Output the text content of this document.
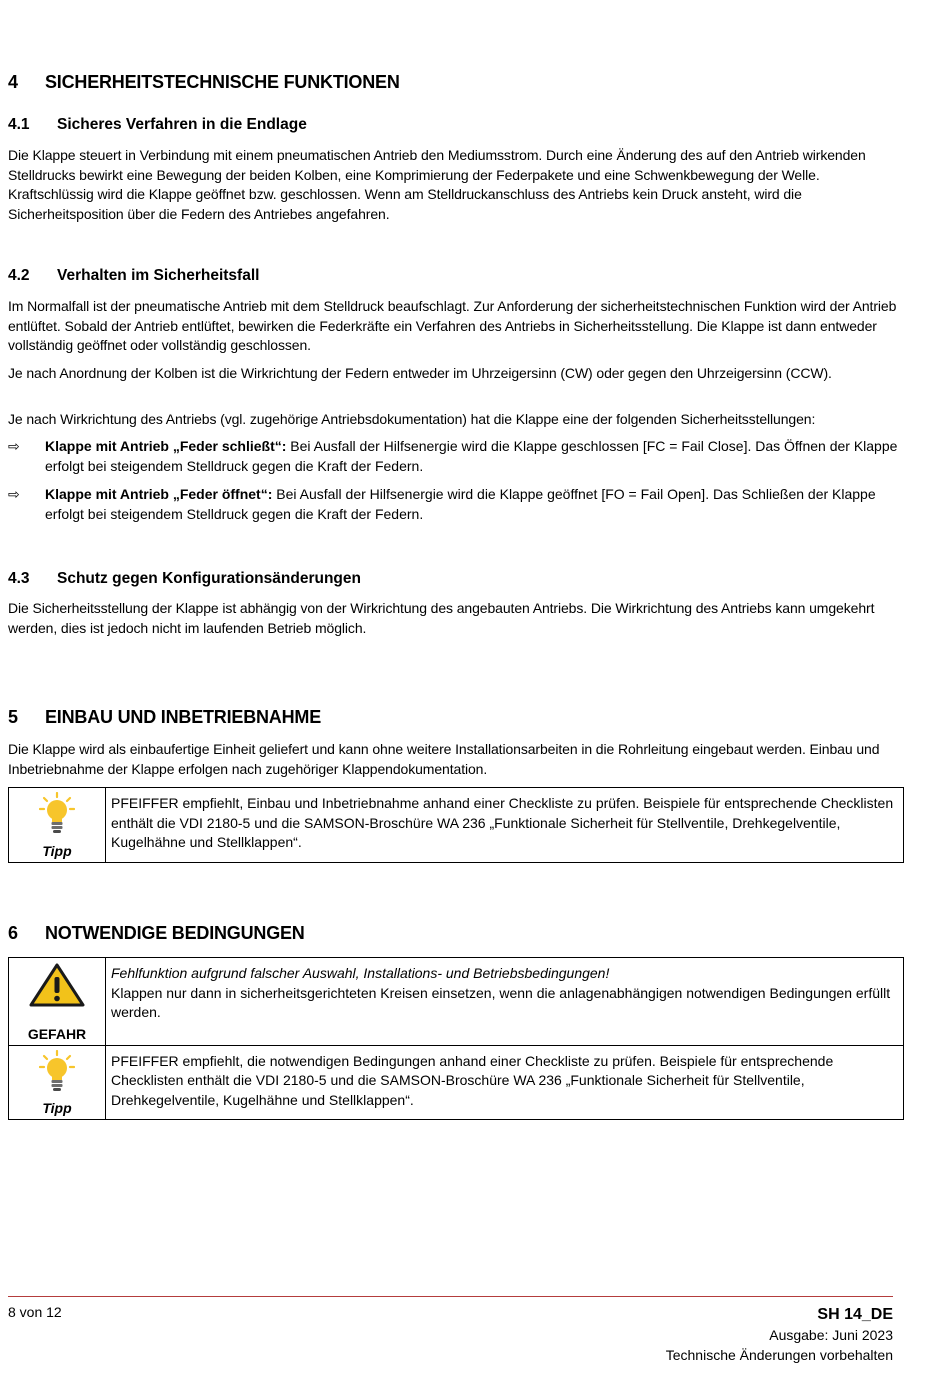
4 SICHERHEITSTECHNISCHE FUNKTIONEN
4.1 Sicheres Verfahren in die Endlage
Die Klappe steuert in Verbindung mit einem pneumatischen Antrieb den Mediumsstrom. Durch eine Änderung des auf den Antrieb wirkenden Stelldrucks bewirkt eine Bewegung der beiden Kolben, eine Komprimierung der Federpakete und eine Schwenkbewegung der Welle. Kraftschlüssig wird die Klappe geöffnet bzw. geschlossen. Wenn am Stelldruckanschluss des Antriebs kein Druck ansteht, wird die Sicherheitsposition über die Federn des Antriebes angefahren.
4.2 Verhalten im Sicherheitsfall
Im Normalfall ist der pneumatische Antrieb mit dem Stelldruck beaufschlagt. Zur Anforderung der sicherheitstechnischen Funktion wird der Antrieb entlüftet. Sobald der Antrieb entlüftet, bewirken die Federkräfte ein Verfahren des Antriebs in Sicherheitsstellung. Die Klappe ist dann entweder vollständig geöffnet oder vollständig geschlossen.
Je nach Anordnung der Kolben ist die Wirkrichtung der Federn entweder im Uhrzeigersinn (CW) oder gegen den Uhrzeigersinn (CCW).
Je nach Wirkrichtung des Antriebs (vgl. zugehörige Antriebsdokumentation) hat die Klappe eine der folgenden Sicherheitsstellungen:
⇨ Klappe mit Antrieb „Feder schließt“: Bei Ausfall der Hilfsenergie wird die Klappe geschlossen [FC = Fail Close]. Das Öffnen der Klappe erfolgt bei steigendem Stelldruck gegen die Kraft der Federn.
⇨ Klappe mit Antrieb „Feder öffnet“: Bei Ausfall der Hilfsenergie wird die Klappe geöffnet [FO = Fail Open]. Das Schließen der Klappe erfolgt bei steigendem Stelldruck gegen die Kraft der Federn.
4.3 Schutz gegen Konfigurationsänderungen
Die Sicherheitsstellung der Klappe ist abhängig von der Wirkrichtung des angebauten Antriebs. Die Wirkrichtung des Antriebs kann umgekehrt werden, dies ist jedoch nicht im laufenden Betrieb möglich.
5 EINBAU UND INBETRIEBNAHME
Die Klappe wird als einbaufertige Einheit geliefert und kann ohne weitere Installationsarbeiten in die Rohrleitung eingebaut werden. Einbau und Inbetriebnahme der Klappe erfolgen nach zugehöriger Klappendokumentation.
Tipp
	PFEIFFER empfiehlt, Einbau und Inbetriebnahme anhand einer Checkliste zu prüfen. Beispiele für entsprechende Checklisten enthält die VDI 2180-5 und die SAMSON-Broschüre WA 236 „Funktionale Sicherheit für Stellventile, Drehkegelventile, Kugelhähne und Stellklappen“.
6 NOTWENDIGE BEDINGUNGEN
GEFAHR	Fehlfunktion aufgrund falscher Auswahl, Installations- und Betriebsbedingungen!
Klappen nur dann in sicherheitsgerichteten Kreisen einsetzen, wenn die anlagenabhängigen notwendigen Bedingungen erfüllt werden.

Tipp	PFEIFFER empfiehlt, die notwendigen Bedingungen anhand einer Checkliste zu prüfen. Beispiele für entsprechende Checklisten enthält die VDI 2180-5 und die SAMSON-Broschüre WA 236 „Funktionale Sicherheit für Stellventile, Drehkegelventile, Kugelhähne und Stellklappen“.
8 von 12	SH 14_DE
Ausgabe: Juni 2023
Technische Änderungen vorbehalten
